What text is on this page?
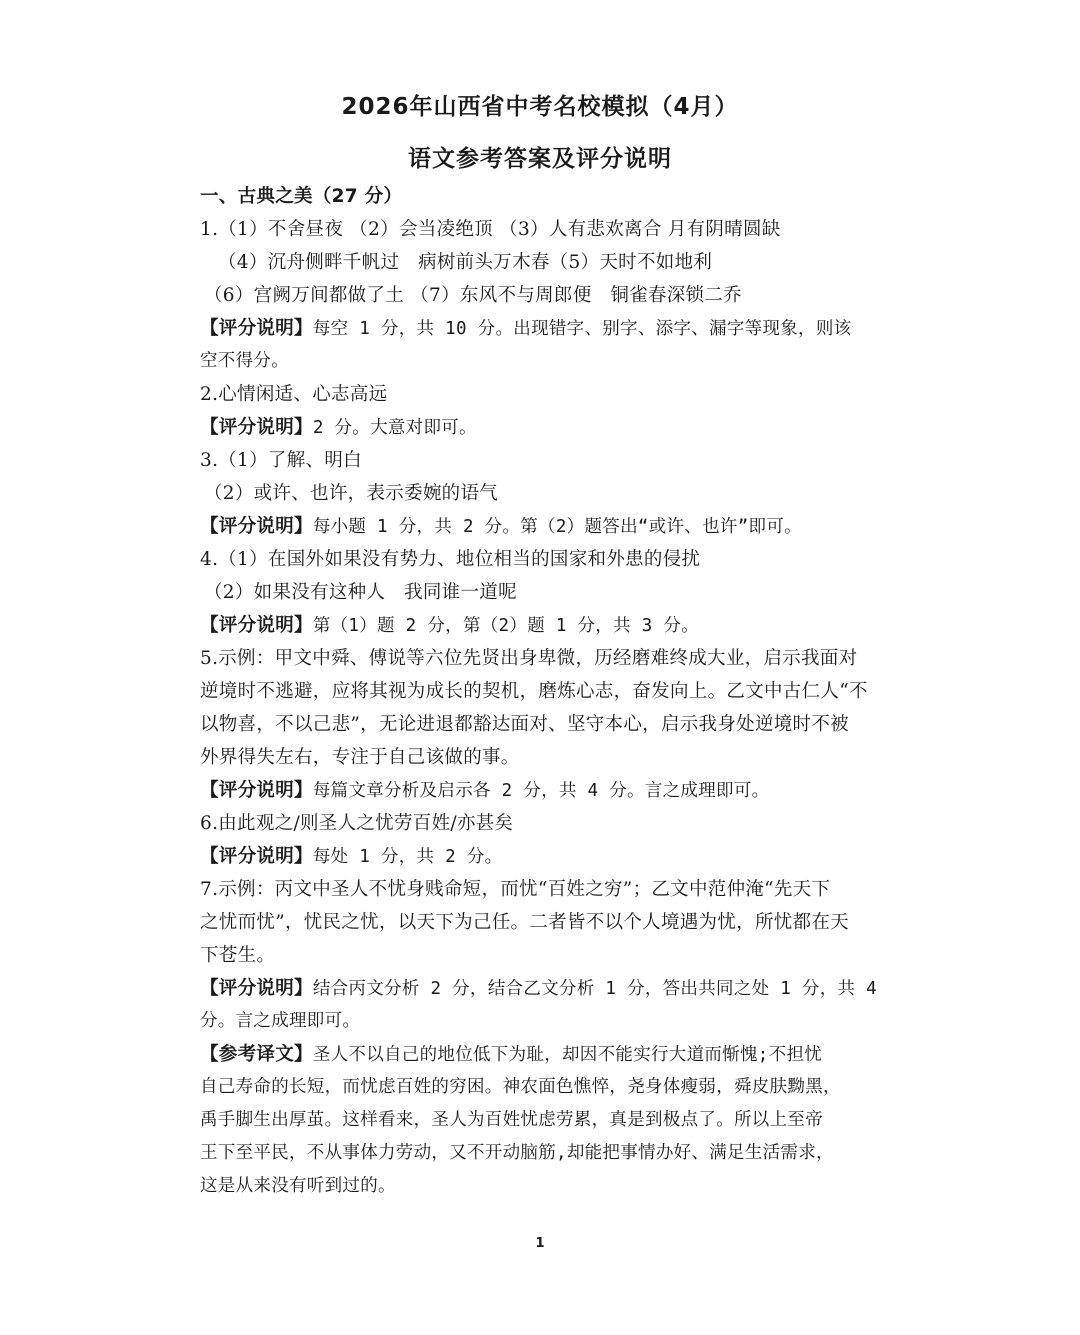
2026年山西省中考名校模拟（4月）
语文参考答案及评分说明
一、古典之美（27 分）
1.（1）不舍昼夜 （2）会当凌绝顶 （3）人有悲欢离合 月有阴晴圆缺
（4）沉舟侧畔千帆过　病树前头万木春（5）天时不如地利
（6）宫阙万间都做了土 （7）东风不与周郎便　铜雀春深锁二乔
【评分说明】每空 1 分，共 10 分。出现错字、别字、添字、漏字等现象，则该
空不得分。
2.心情闲适、心志高远
【评分说明】2 分。大意对即可。
3.（1）了解、明白
（2）或许、也许，表示委婉的语气
【评分说明】每小题 1 分，共 2 分。第（2）题答出“或许、也许”即可。
4.（1）在国外如果没有势力、地位相当的国家和外患的侵扰
（2）如果没有这种人　我同谁一道呢
【评分说明】第（1）题 2 分，第（2）题 1 分，共 3 分。
5.示例：甲文中舜、傅说等六位先贤出身卑微，历经磨难终成大业，启示我面对
逆境时不逃避，应将其视为成长的契机，磨炼心志，奋发向上。乙文中古仁人“不
以物喜，不以己悲”，无论进退都豁达面对、坚守本心，启示我身处逆境时不被
外界得失左右，专注于自己该做的事。
【评分说明】每篇文章分析及启示各 2 分，共 4 分。言之成理即可。
6.由此观之/则圣人之忧劳百姓/亦甚矣
【评分说明】每处 1 分，共 2 分。
7.示例：丙文中圣人不忧身贱命短，而忧“百姓之穷”；乙文中范仲淹“先天下
之忧而忧”，忧民之忧，以天下为己任。二者皆不以个人境遇为忧，所忧都在天
下苍生。
【评分说明】结合丙文分析 2 分，结合乙文分析 1 分，答出共同之处 1 分，共 4
分。言之成理即可。
【参考译文】圣人不以自己的地位低下为耻，却因不能实行大道而惭愧;不担忧
自己寿命的长短，而忧虑百姓的穷困。神农面色憔悴，尧身体瘦弱，舜皮肤黝黑，
禹手脚生出厚茧。这样看来，圣人为百姓忧虑劳累，真是到极点了。所以上至帝
王下至平民，不从事体力劳动，又不开动脑筋,却能把事情办好、满足生活需求，
这是从来没有听到过的。
1
